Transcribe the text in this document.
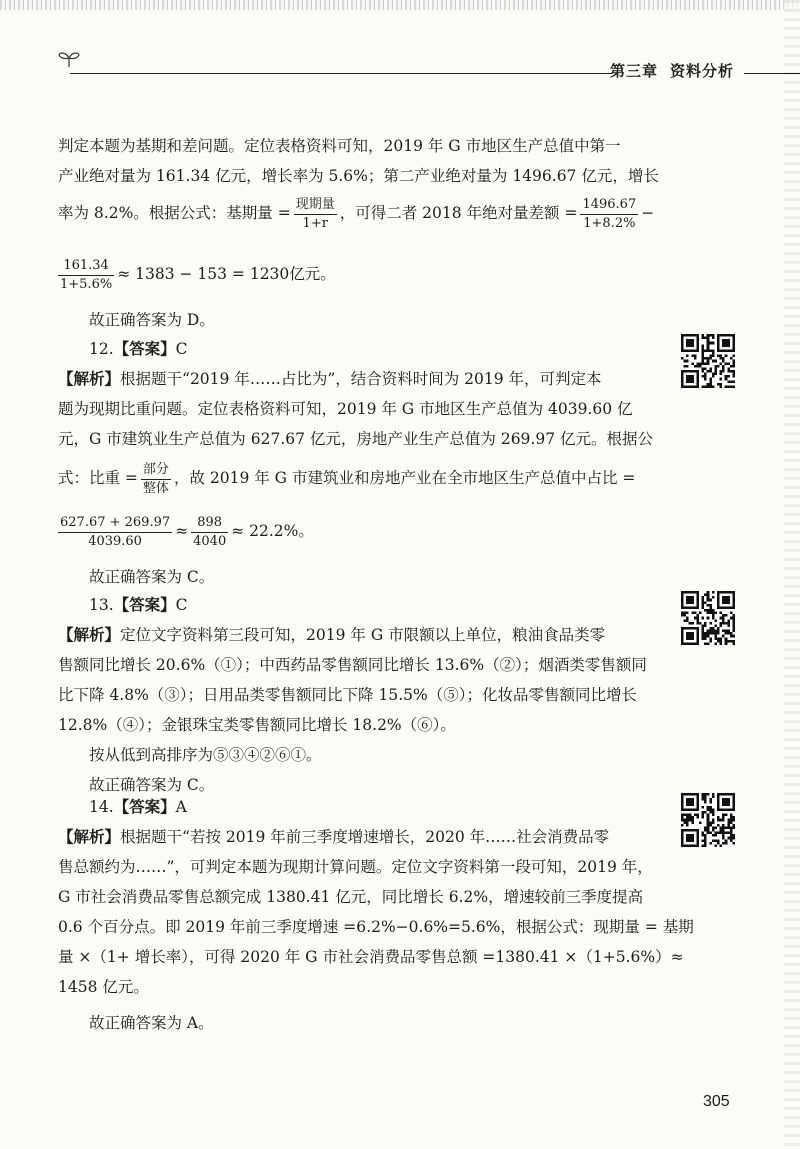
第三章 资料分析

判定本题为基期和差问题。定位表格资料可知，2019 年 G 市地区生产总值中第一

产业绝对量为 161.34 亿元，增长率为 5.6%；第二产业绝对量为 1496.67 亿元，增长

率为 8.2%。根据公式：基期量 = $\frac{\text{现期量}}{1+r}$ ，可得二者 2018 年绝对量差额 = $\frac{1496.67}{1+8.2\%}$ −

$\frac{161.34}{1+5.6\%} \approx 1383 - 153 = 1230$亿元。

故正确答案为 D。

12.【答案】C

【解析】根据题干“2019 年……占比为”，结合资料时间为 2019 年，可判定本

题为现期比重问题。定位表格资料可知，2019 年 G 市地区生产总值为 4039.60 亿

元，G 市建筑业生产总值为 627.67 亿元，房地产业生产总值为 269.97 亿元。根据公

式：比重 = $\frac{\text{部分}}{\text{整体}}$ ，故 2019 年 G 市建筑业和房地产业在全市地区生产总值中占比 =

$\frac{627.67 + 269.97}{4039.60} \approx \frac{898}{4040} \approx 22.2\%$。

故正确答案为 C。

13.【答案】C

【解析】定位文字资料第三段可知，2019 年 G 市限额以上单位，粮油食品类零

售额同比增长 20.6%（①）；中西药品零售额同比增长 13.6%（②）；烟酒类零售额同

比下降 4.8%（③）；日用品类零售额同比下降 15.5%（⑤）；化妆品零售额同比增长

12.8%（④）；金银珠宝类零售额同比增长 18.2%（⑥）。

按从低到高排序为⑤③④②⑥①。

故正确答案为 C。

14.【答案】A

【解析】根据题干“若按 2019 年前三季度增速增长，2020 年……社会消费品零

售总额约为……”，可判定本题为现期计算问题。定位文字资料第一段可知，2019 年，

G 市社会消费品零售总额完成 1380.41 亿元，同比增长 6.2%，增速较前三季度提高

0.6 个百分点。即 2019 年前三季度增速 =6.2%−0.6%=5.6%，根据公式：现期量 = 基期

量 ×（1+ 增长率），可得 2020 年 G 市社会消费品零售总额 =1380.41 ×（1+5.6%）≈

1458 亿元。

故正确答案为 A。

305
